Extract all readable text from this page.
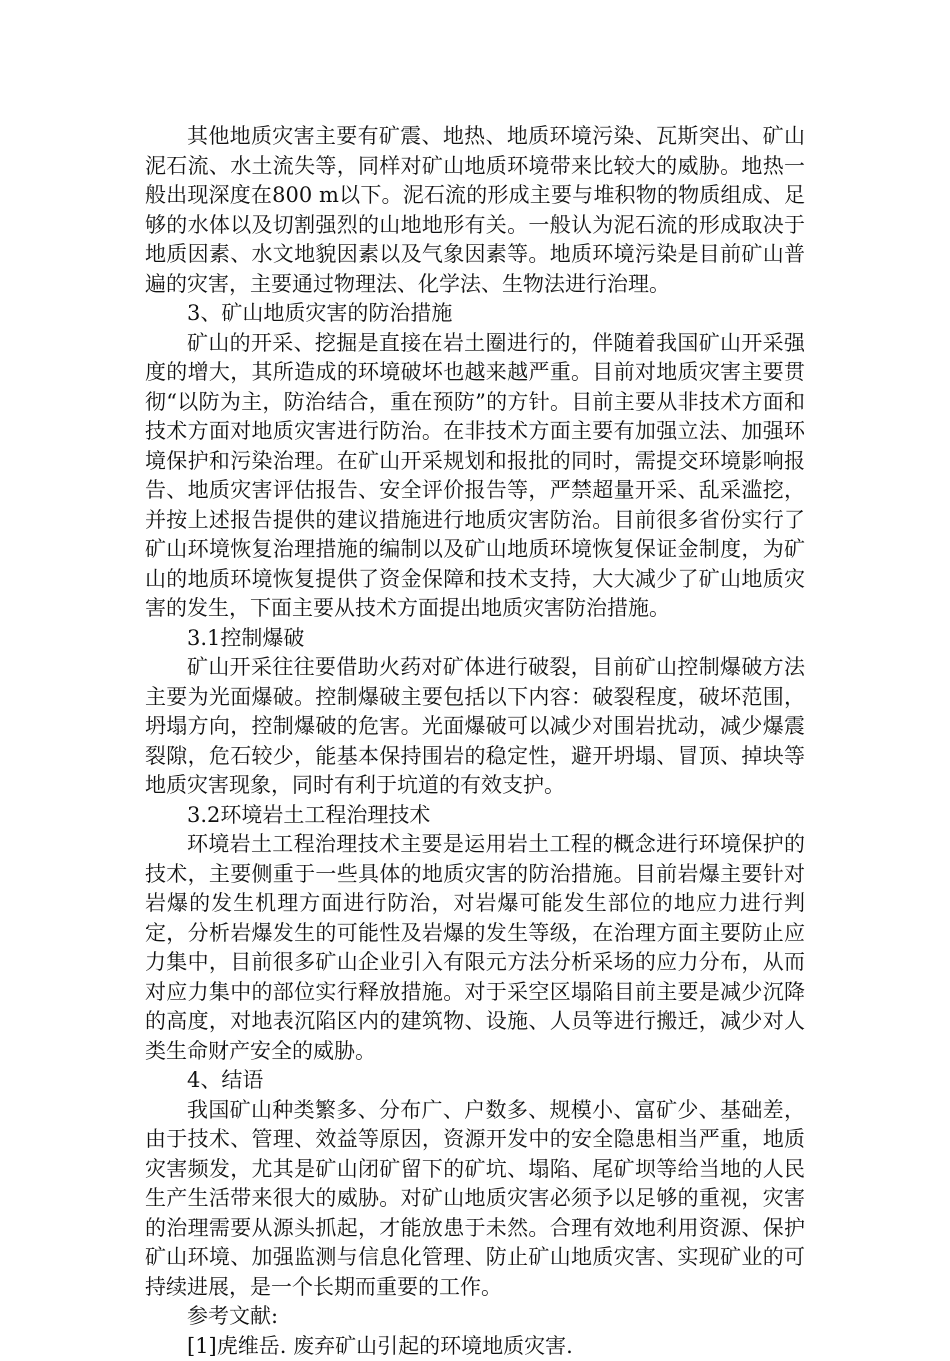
其他地质灾害主要有矿震、地热、地质环境污染、瓦斯突出、矿山泥石流、水土流失等，同样对矿山地质环境带来比较大的威胁。地热一般出现深度在800 m以下。泥石流的形成主要与堆积物的物质组成、足够的水体以及切割强烈的山地地形有关。一般认为泥石流的形成取决于地质因素、水文地貌因素以及气象因素等。地质环境污染是目前矿山普遍的灾害，主要通过物理法、化学法、生物法进行治理。

3、矿山地质灾害的防治措施

矿山的开采、挖掘是直接在岩土圈进行的，伴随着我国矿山开采强度的增大，其所造成的环境破坏也越来越严重。目前对地质灾害主要贯彻“以防为主，防治结合，重在预防”的方针。目前主要从非技术方面和技术方面对地质灾害进行防治。在非技术方面主要有加强立法、加强环境保护和污染治理。在矿山开采规划和报批的同时，需提交环境影响报告、地质灾害评估报告、安全评价报告等，严禁超量开采、乱采滥挖，并按上述报告提供的建议措施进行地质灾害防治。目前很多省份实行了矿山环境恢复治理措施的编制以及矿山地质环境恢复保证金制度，为矿山的地质环境恢复提供了资金保障和技术支持，大大减少了矿山地质灾害的发生，下面主要从技术方面提出地质灾害防治措施。

3.1控制爆破

矿山开采往往要借助火药对矿体进行破裂，目前矿山控制爆破方法主要为光面爆破。控制爆破主要包括以下内容：破裂程度，破坏范围，坍塌方向，控制爆破的危害。光面爆破可以减少对围岩扰动，减少爆震裂隙，危石较少，能基本保持围岩的稳定性，避开坍塌、冒顶、掉块等地质灾害现象，同时有利于坑道的有效支护。

3.2环境岩土工程治理技术

环境岩土工程治理技术主要是运用岩土工程的概念进行环境保护的技术，主要侧重于一些具体的地质灾害的防治措施。目前岩爆主要针对岩爆的发生机理方面进行防治，对岩爆可能发生部位的地应力进行判定，分析岩爆发生的可能性及岩爆的发生等级，在治理方面主要防止应力集中，目前很多矿山企业引入有限元方法分析采场的应力分布，从而对应力集中的部位实行释放措施。对于采空区塌陷目前主要是减少沉降的高度，对地表沉陷区内的建筑物、设施、人员等进行搬迁，减少对人类生命财产安全的威胁。

4、结语

我国矿山种类繁多、分布广、户数多、规模小、富矿少、基础差，由于技术、管理、效益等原因，资源开发中的安全隐患相当严重，地质灾害频发，尤其是矿山闭矿留下的矿坑、塌陷、尾矿坝等给当地的人民生产生活带来很大的威胁。对矿山地质灾害必须予以足够的重视，灾害的治理需要从源头抓起，才能放患于未然。合理有效地利用资源、保护矿山环境、加强监测与信息化管理、防止矿山地质灾害、实现矿业的可持续进展，是一个长期而重要的工作。

参考文献:

[1]虎维岳. 废弃矿山引起的环境地质灾害.
